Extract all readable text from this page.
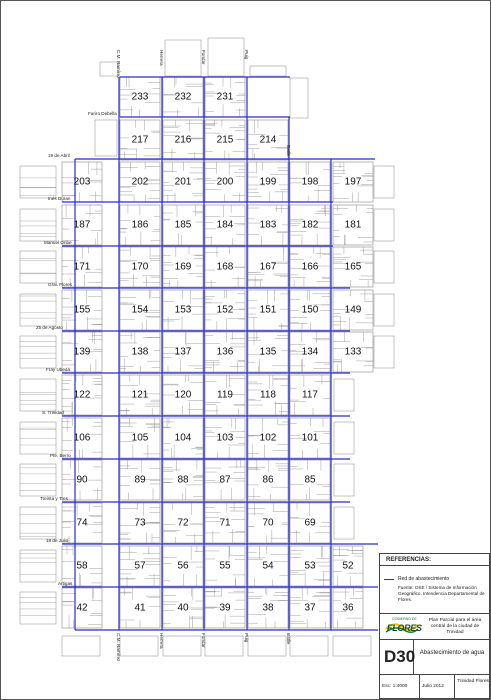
233	232	231
217	216	215	214
203	202	201	200	199	198	197
187	186	185	184	183	182	181
171	170	169	168	167	166	165
155	154	153	152	151	150	149
139	138	137	136	135	134	133
122	121	120	119	118	117
106	105	104	103	102	101
90	89	88	87	86	85
74	73	72	71	70	69
58	57	56	55	54	53	52
42	41	40	39	38	37	36
Fariro Debella
19 de Abril
Inés Duran
Manuel Oribe
Gral. Flores
25 de Agosto
Fray Ubedá
S. Trinidad
Pte. Berro
Treinta y Tres
18 de Julio
Artigas
C.M. Ramírez	Herrera	Fondar	Puig
C.M. Ramírez	Herrera	Fondar	Puig	Batlle
Batlle
REFERENCIAS:
Red de abastecimiento
Fuente: OSE / Sistema de Información Geográfico. Intendencia Departamental de Flores.
GOBIERNO DE
FLORES
Plan Parcial para el área central de la ciudad de Trinidad
D30 Abastecimiento de agua
Esc: 1:4000	Julio 2012
Trinidad Flores
